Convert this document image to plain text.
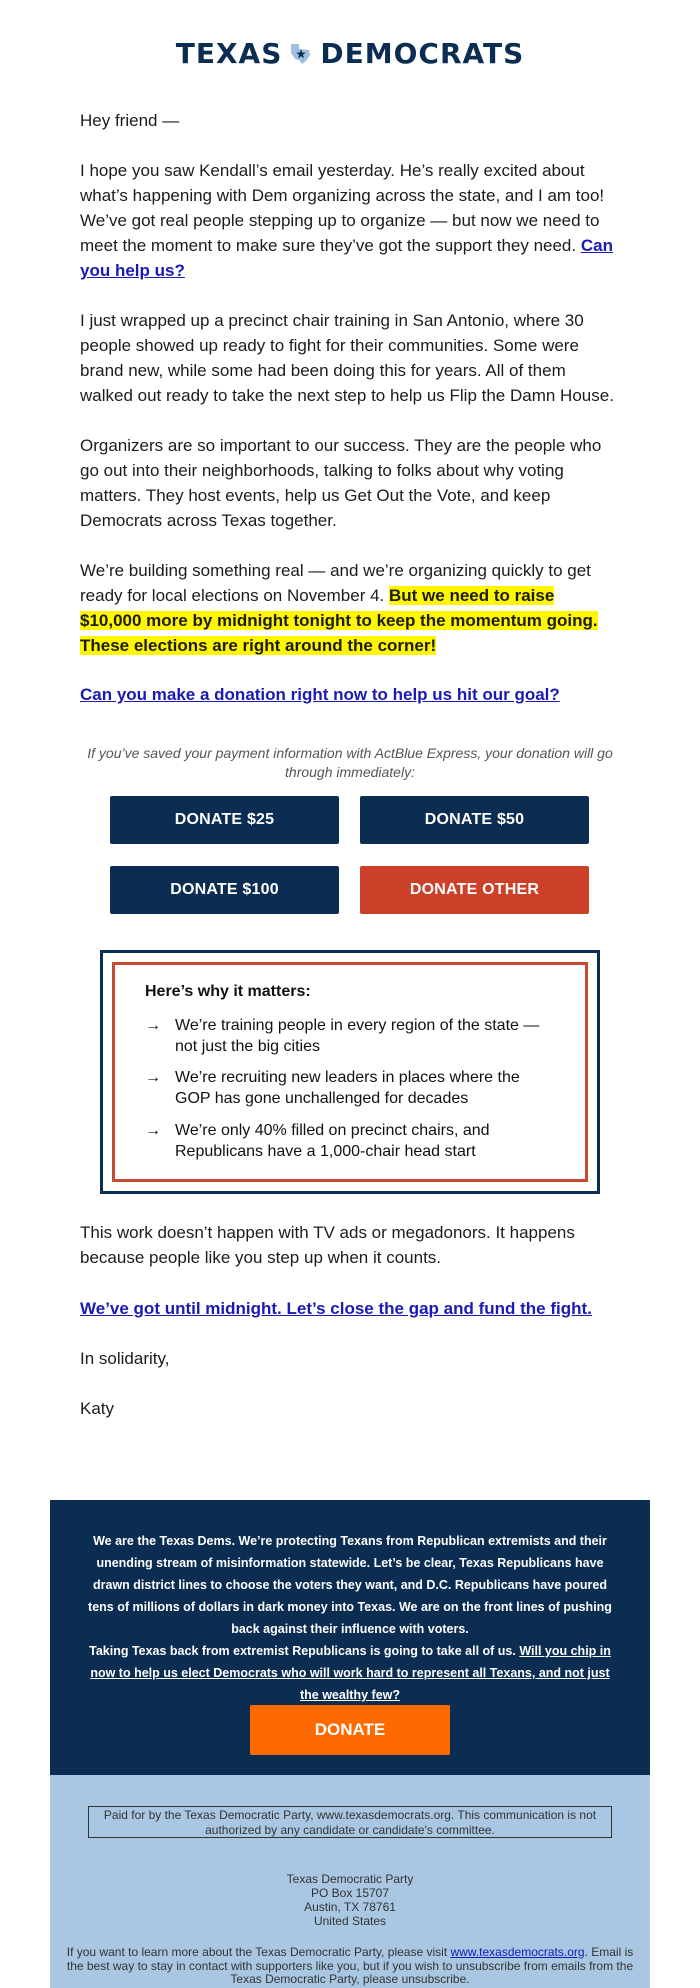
TEXAS DEMOCRATS
Hey friend —
I hope you saw Kendall’s email yesterday. He’s really excited about what’s happening with Dem organizing across the state, and I am too! We’ve got real people stepping up to organize — but now we need to meet the moment to make sure they’ve got the support they need. Can you help us?
I just wrapped up a precinct chair training in San Antonio, where 30 people showed up ready to fight for their communities. Some were brand new, while some had been doing this for years. All of them walked out ready to take the next step to help us Flip the Damn House.
Organizers are so important to our success. They are the people who go out into their neighborhoods, talking to folks about why voting matters. They host events, help us Get Out the Vote, and keep Democrats across Texas together.
We’re building something real — and we’re organizing quickly to get ready for local elections on November 4. But we need to raise $10,000 more by midnight tonight to keep the momentum going. These elections are right around the corner!
Can you make a donation right now to help us hit our goal?
If you’ve saved your payment information with ActBlue Express, your donation will go through immediately:
DONATE $25	DONATE $50
DONATE $100	DONATE OTHER
Here’s why it matters:
→ We’re training people in every region of the state — not just the big cities
→ We’re recruiting new leaders in places where the GOP has gone unchallenged for decades
→ We’re only 40% filled on precinct chairs, and Republicans have a 1,000-chair head start
This work doesn’t happen with TV ads or megadonors. It happens because people like you step up when it counts.
We’ve got until midnight. Let’s close the gap and fund the fight.
In solidarity,
Katy
We are the Texas Dems. We’re protecting Texans from Republican extremists and their unending stream of misinformation statewide. Let’s be clear, Texas Republicans have drawn district lines to choose the voters they want, and D.C. Republicans have poured tens of millions of dollars in dark money into Texas. We are on the front lines of pushing back against their influence with voters.
Taking Texas back from extremist Republicans is going to take all of us. Will you chip in now to help us elect Democrats who will work hard to represent all Texans, and not just the wealthy few?
DONATE
Paid for by the Texas Democratic Party, www.texasdemocrats.org. This communication is not authorized by any candidate or candidate's committee.
Texas Democratic Party
PO Box 15707
Austin, TX 78761
United States
If you want to learn more about the Texas Democratic Party, please visit www.texasdemocrats.org. Email is the best way to stay in contact with supporters like you, but if you wish to unsubscribe from emails from the Texas Democratic Party, please unsubscribe.
